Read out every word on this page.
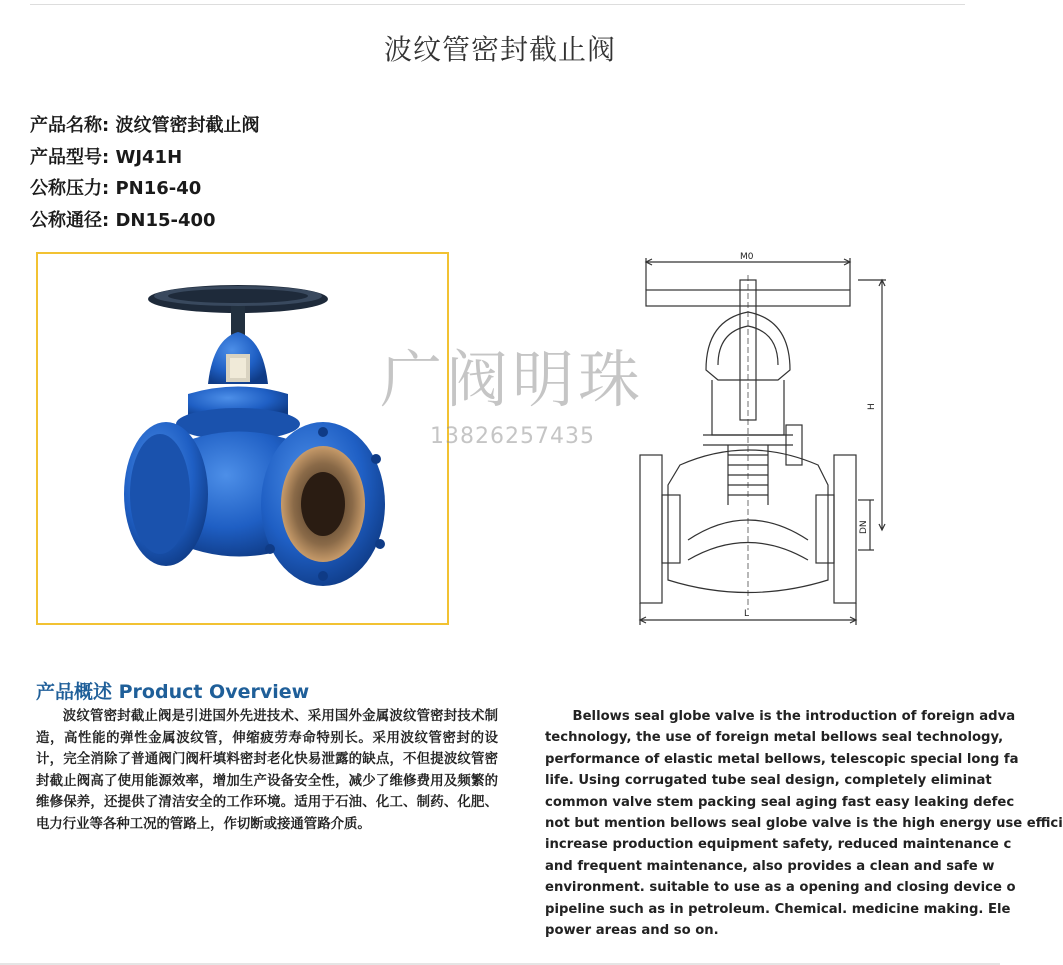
波纹管密封截止阀
产品名称: 波纹管密封截止阀
产品型号: WJ41H
公称压力: PN16-40
公称通径: DN15-400
M0
H
DN
L
广阀明珠
13826257435
产品概述 Product Overview
波纹管密封截止阀是引进国外先进技术、采用国外金属波纹管密封技术制造，高性能的弹性金属波纹管，伸缩疲劳寿命特别长。采用波纹管密封的设计，完全消除了普通阀门阀杆填料密封老化快易泄露的缺点，不但提波纹管密封截止阀高了使用能源效率，增加生产设备安全性，减少了维修费用及频繁的维修保养，还提供了清洁安全的工作环境。适用于石油、化工、制药、化肥、电力行业等各种工况的管路上，作切断或接通管路介质。

Bellows seal globe valve is the introduction of foreign adva

technology, the use of foreign metal bellows seal technology,

performance of elastic metal bellows, telescopic special long fa

life. Using corrugated tube seal design, completely eliminat

common valve stem packing seal aging fast easy leaking defec

not but mention bellows seal globe valve is the high energy use effici

increase production equipment safety, reduced maintenance c

and frequent maintenance, also provides a clean and safe w

environment. suitable to use as a opening and closing device o

pipeline such as in petroleum. Chemical. medicine making. Ele

power areas and so on.
